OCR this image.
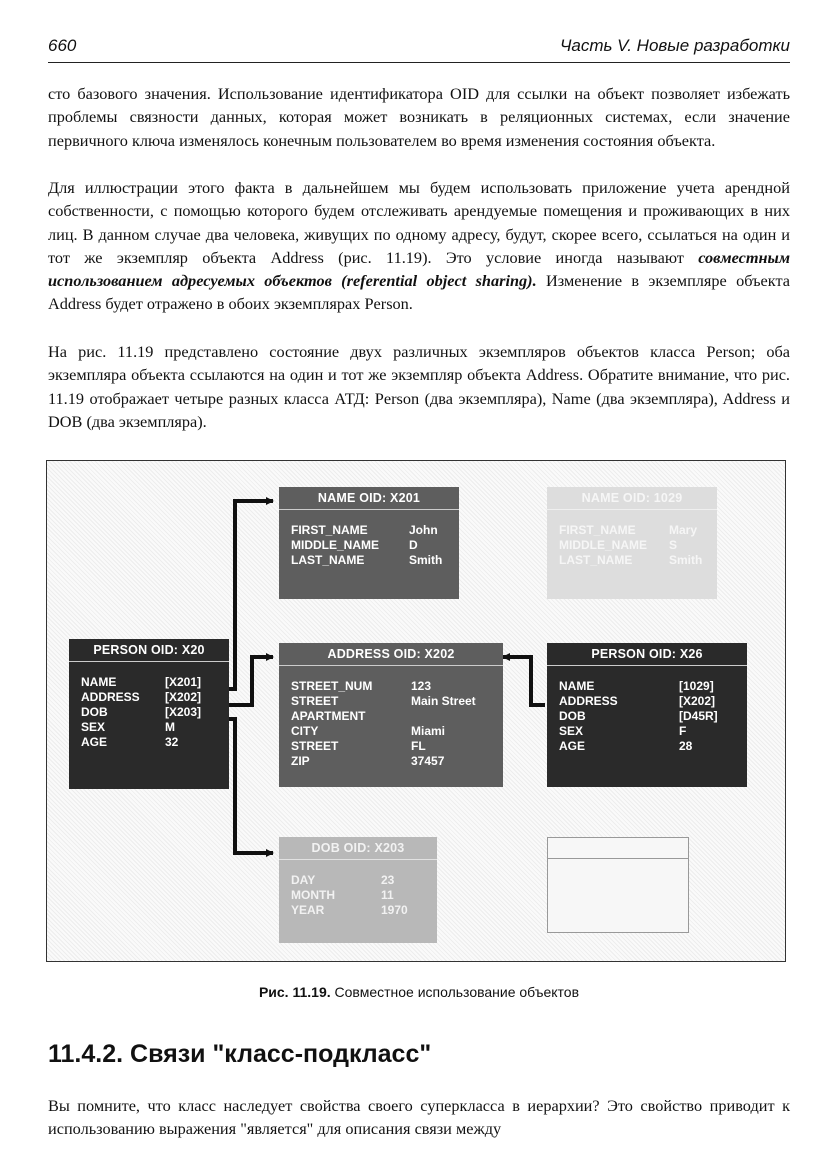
660	Часть V. Новые разработки

сто базового значения. Использование идентификатора OID для ссылки на объект позволяет избежать проблемы связности данных, которая может возникать в реляционных системах, если значение первичного ключа изменялось конечным пользователем во время изменения состояния объекта.

Для иллюстрации этого факта в дальнейшем мы будем использовать приложение учета арендной собственности, с помощью которого будем отслеживать арендуемые помещения и проживающих в них лиц. В данном случае два человека, живущих по одному адресу, будут, скорее всего, ссылаться на один и тот же экземпляр объекта Address (рис. 11.19). Это условие иногда называют совместным использованием адресуемых объектов (referential object sharing). Изменение в экземпляре объекта Address будет отражено в обоих экземплярах Person.

На рис. 11.19 представлено состояние двух различных экземпляров объектов класса Person; оба экземпляра объекта ссылаются на один и тот же экземпляр объекта Address. Обратите внимание, что рис. 11.19 отображает четыре разных класса АТД: Person (два экземпляра), Name (два экземпляра), Address и DOB (два экземпляра).

NAME OID: X201
FIRST_NAME	John
MIDDLE_NAME D
LAST_NAME	Smith
NAME OID: 1029
FIRST_NAME	Mary
MIDDLE_NAME S
LAST_NAME	Smith
PERSON OID: X20
NAME	[X201]
ADDRESS [X202]
DOB	[X203]
SEX	M
AGE	32
ADDRESS OID: X202
STREET_NUM	123
STREET	Main Street
APARTMENT
CITY	Miami
STREET	FL
ZIP	37457
PERSON OID: X26
NAME	[1029]
ADDRESS	[X202]
DOB	[D45R]
SEX	F
AGE	28
DOB OID: X203
DAY	23
MONTH	11
YEAR	1970
Рис. 11.19. Совместное использование объектов
11.4.2. Связи "класс-подкласс"

Вы помните, что класс наследует свойства своего суперкласса в иерархии? Это свойство приводит к использованию выражения "является" для описания связи между
